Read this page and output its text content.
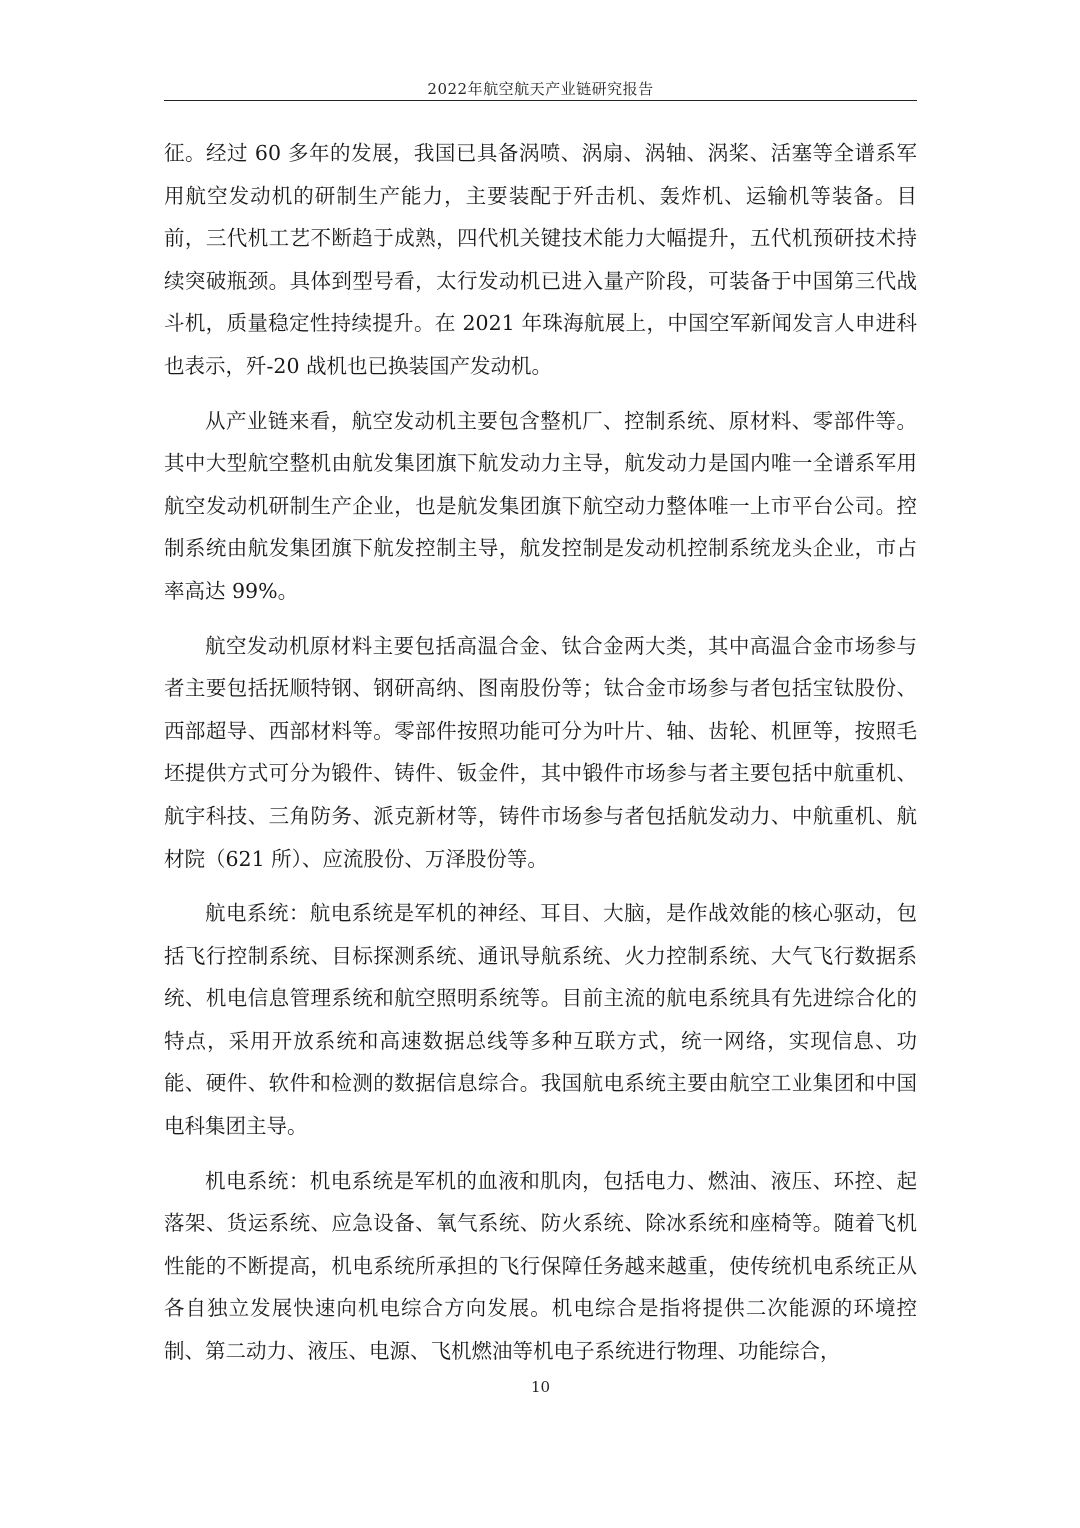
2022年航空航天产业链研究报告

征。经过 60 多年的发展，我国已具备涡喷、涡扇、涡轴、涡桨、活塞等全谱系军用航空发动机的研制生产能力，主要装配于歼击机、轰炸机、运输机等装备。目前，三代机工艺不断趋于成熟，四代机关键技术能力大幅提升，五代机预研技术持续突破瓶颈。具体到型号看，太行发动机已进入量产阶段，可装备于中国第三代战斗机，质量稳定性持续提升。在 2021 年珠海航展上，中国空军新闻发言人申进科也表示，歼-20 战机也已换装国产发动机。

从产业链来看，航空发动机主要包含整机厂、控制系统、原材料、零部件等。其中大型航空整机由航发集团旗下航发动力主导，航发动力是国内唯一全谱系军用航空发动机研制生产企业，也是航发集团旗下航空动力整体唯一上市平台公司。控制系统由航发集团旗下航发控制主导，航发控制是发动机控制系统龙头企业，市占率高达 99%。

航空发动机原材料主要包括高温合金、钛合金两大类，其中高温合金市场参与者主要包括抚顺特钢、钢研高纳、图南股份等；钛合金市场参与者包括宝钛股份、西部超导、西部材料等。零部件按照功能可分为叶片、轴、齿轮、机匣等，按照毛坯提供方式可分为锻件、铸件、钣金件，其中锻件市场参与者主要包括中航重机、航宇科技、三角防务、派克新材等，铸件市场参与者包括航发动力、中航重机、航材院（621 所）、应流股份、万泽股份等。

航电系统：航电系统是军机的神经、耳目、大脑，是作战效能的核心驱动，包括飞行控制系统、目标探测系统、通讯导航系统、火力控制系统、大气飞行数据系统、机电信息管理系统和航空照明系统等。目前主流的航电系统具有先进综合化的特点，采用开放系统和高速数据总线等多种互联方式，统一网络，实现信息、功能、硬件、软件和检测的数据信息综合。我国航电系统主要由航空工业集团和中国电科集团主导。

机电系统：机电系统是军机的血液和肌肉，包括电力、燃油、液压、环控、起落架、货运系统、应急设备、氧气系统、防火系统、除冰系统和座椅等。随着飞机性能的不断提高，机电系统所承担的飞行保障任务越来越重，使传统机电系统正从各自独立发展快速向机电综合方向发展。机电综合是指将提供二次能源的环境控制、第二动力、液压、电源、飞机燃油等机电子系统进行物理、功能综合，

10
